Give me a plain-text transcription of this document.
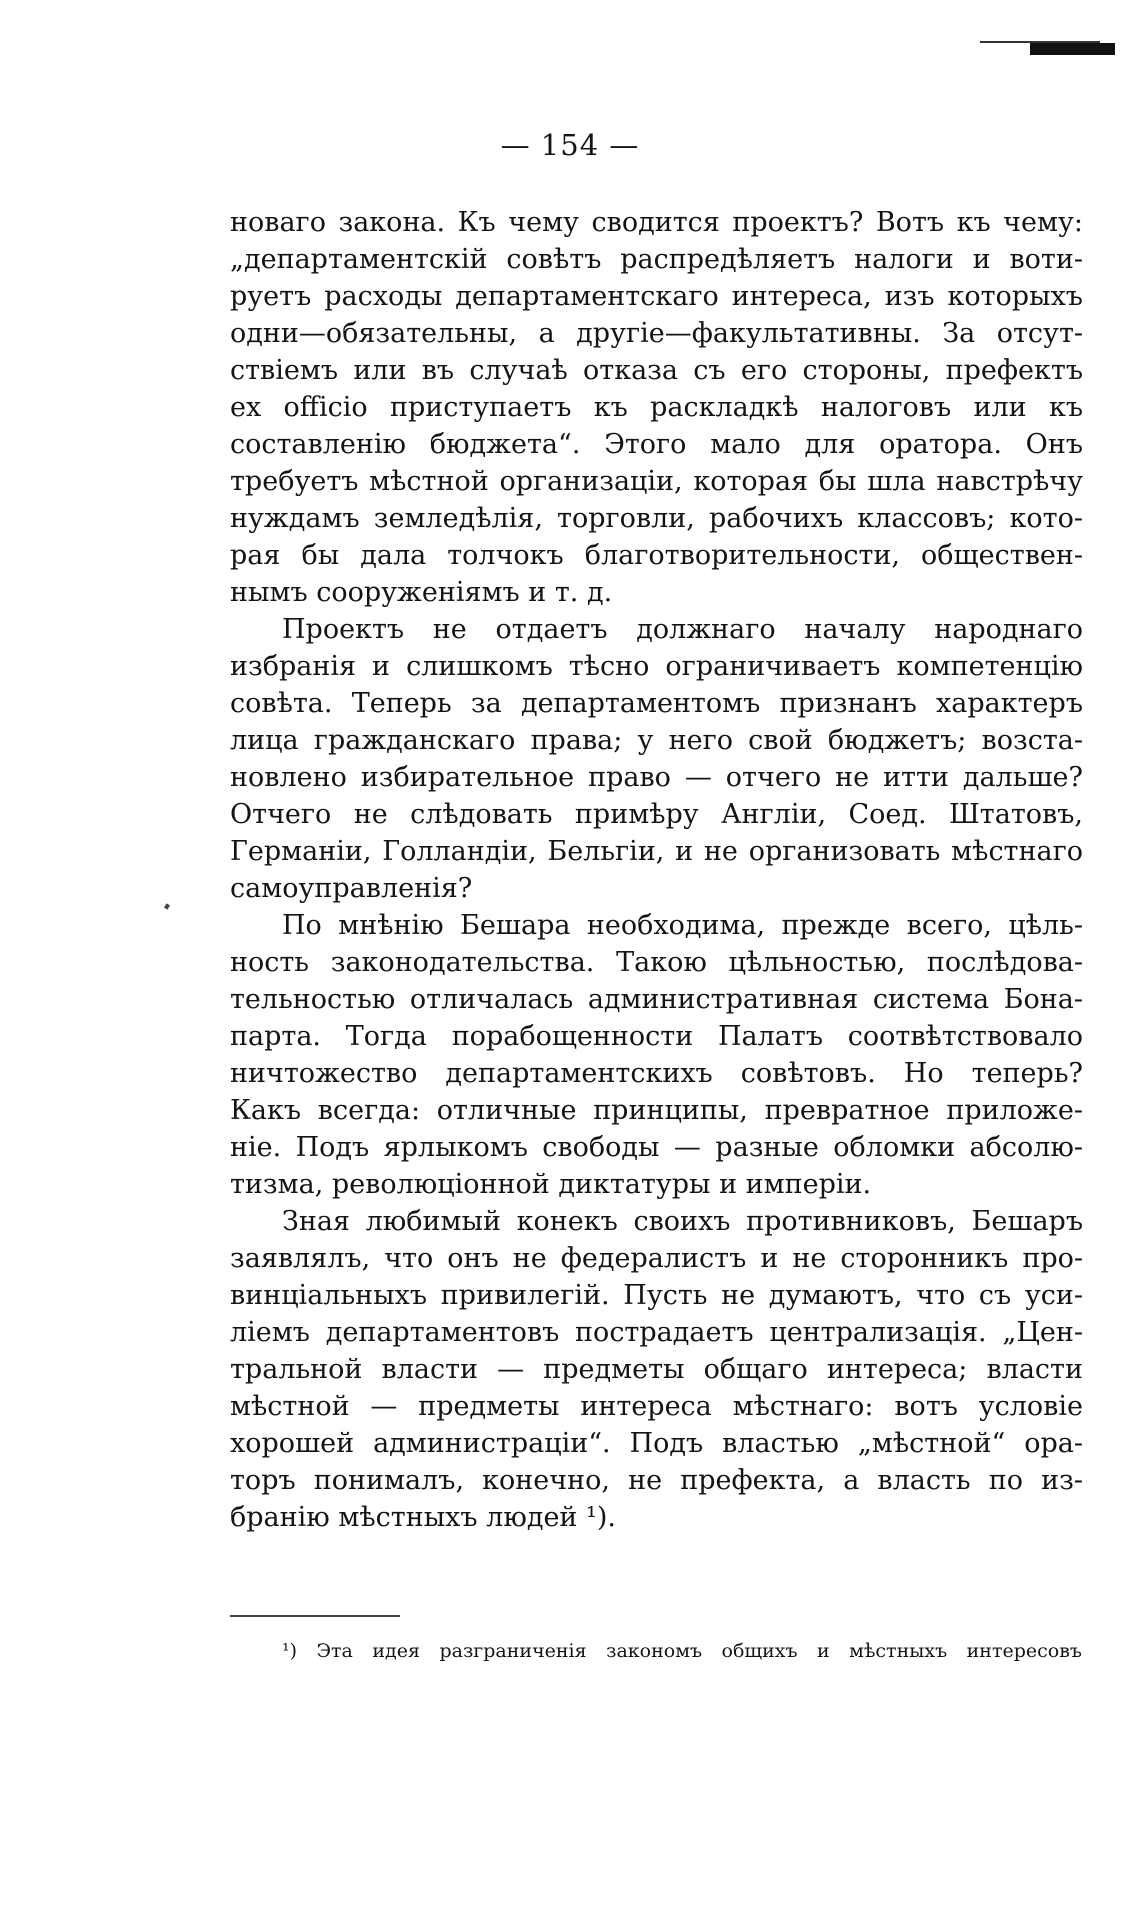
— 154 —
новаго закона. Къ чему сводится проектъ? Вотъ къ чему:
„департаментскій совѣтъ распредѣляетъ налоги и воти-
руетъ расходы департаментскаго интереса, изъ которыхъ
одни—обязательны, а другіе—факультативны. За отсут-
ствіемъ или въ случаѣ отказа съ его стороны, префектъ
ex officio приступаетъ къ раскладкѣ налоговъ или къ
составленію бюджета“. Этого мало для оратора. Онъ
требуетъ мѣстной организаціи, которая бы шла навстрѣчу
нуждамъ земледѣлія, торговли, рабочихъ классовъ; кото-
рая бы дала толчокъ благотворительности, обществен-
нымъ сооруженіямъ и т. д.
Проектъ не отдаетъ должнаго началу народнаго
избранія и слишкомъ тѣсно ограничиваетъ компетенцію
совѣта. Теперь за департаментомъ признанъ характеръ
лица гражданскаго права; у него свой бюджетъ; возста-
новлено избирательное право — отчего не итти дальше?
Отчего не слѣдовать примѣру Англіи, Соед. Штатовъ,
Германіи, Голландіи, Бельгіи, и не организовать мѣстнаго
самоуправленія?
По мнѣнію Бешара необходима, прежде всего, цѣль-
ность законодательства. Такою цѣльностью, послѣдова-
тельностью отличалась административная система Бона-
парта. Тогда порабощенности Палатъ соотвѣтствовало
ничтожество департаментскихъ совѣтовъ. Но теперь?
Какъ всегда: отличные принципы, превратное приложе-
ніе. Подъ ярлыкомъ свободы — разные обломки абсолю-
тизма, революціонной диктатуры и имперіи.
Зная любимый конекъ своихъ противниковъ, Бешаръ
заявлялъ, что онъ не федералистъ и не сторонникъ про-
винціальныхъ привилегій. Пусть не думаютъ, что съ уси-
ліемъ департаментовъ пострадаетъ централизація. „Цен-
тральной власти — предметы общаго интереса; власти
мѣстной — предметы интереса мѣстнаго: вотъ условіе
хорошей администраціи“. Подъ властью „мѣстной“ ора-
торъ понималъ, конечно, не префекта, а власть по из-
бранію мѣстныхъ людей ¹).
¹) Эта идея разграниченія закономъ общихъ и мѣстныхъ интересовъ
